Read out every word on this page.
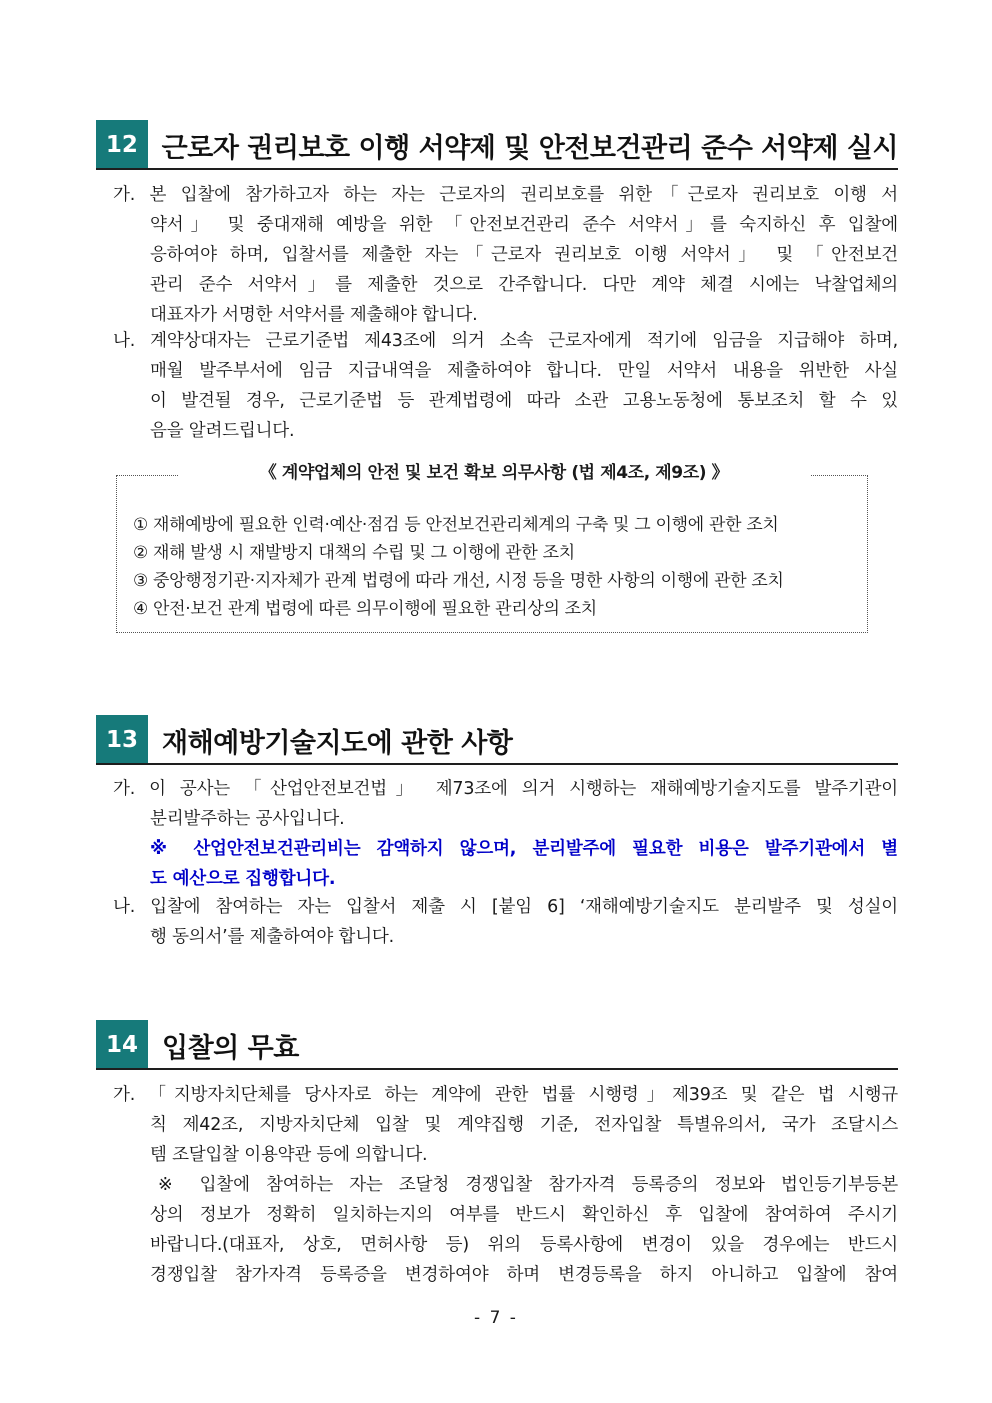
12 근로자 권리보호 이행 서약제 및 안전보건관리 준수 서약제 실시
가. 본 입찰에 참가하고자 하는 자는 근로자의 권리보호를 위한「근로자 권리보호 이행 서
약서」 및 중대재해 예방을 위한 「안전보건관리 준수 서약서」를 숙지하신 후 입찰에
응하여야 하며, 입찰서를 제출한 자는「근로자 권리보호 이행 서약서」 및 「안전보건
관리 준수 서약서」를 제출한 것으로 간주합니다. 다만 계약 체결 시에는 낙찰업체의
대표자가 서명한 서약서를 제출해야 합니다.
나. 계약상대자는 근로기준법 제43조에 의거 소속 근로자에게 적기에 임금을 지급해야 하며,
매월 발주부서에 임금 지급내역을 제출하여야 합니다. 만일 서약서 내용을 위반한 사실
이 발견될 경우, 근로기준법 등 관계법령에 따라 소관 고용노동청에 통보조치 할 수 있
음을 알려드립니다.
《 계약업체의 안전 및 보건 확보 의무사항 (법 제4조, 제9조) 》
① 재해예방에 필요한 인력·예산·점검 등 안전보건관리체계의 구축 및 그 이행에 관한 조치
② 재해 발생 시 재발방지 대책의 수립 및 그 이행에 관한 조치
③ 중앙행정기관·지자체가 관계 법령에 따라 개선, 시정 등을 명한 사항의 이행에 관한 조치
④ 안전·보건 관계 법령에 따른 의무이행에 필요한 관리상의 조치
13 재해예방기술지도에 관한 사항
가. 이 공사는 「산업안전보건법」 제73조에 의거 시행하는 재해예방기술지도를 발주기관이
분리발주하는 공사입니다.
※ 산업안전보건관리비는 감액하지 않으며, 분리발주에 필요한 비용은 발주기관에서 별
도 예산으로 집행합니다.
나. 입찰에 참여하는 자는 입찰서 제출 시 [붙임 6] ‘재해예방기술지도 분리발주 및 성실이
행 동의서’를 제출하여야 합니다.
14 입찰의 무효
가. 「지방자치단체를 당사자로 하는 계약에 관한 법률 시행령」제39조 및 같은 법 시행규
칙 제42조, 지방자치단체 입찰 및 계약집행 기준, 전자입찰 특별유의서, 국가 조달시스
템 조달입찰 이용약관 등에 의합니다.
※ 입찰에 참여하는 자는 조달청 경쟁입찰 참가자격 등록증의 정보와 법인등기부등본
상의 정보가 정확히 일치하는지의 여부를 반드시 확인하신 후 입찰에 참여하여 주시기
바랍니다.(대표자, 상호, 면허사항 등) 위의 등록사항에 변경이 있을 경우에는 반드시
경쟁입찰 참가자격 등록증을 변경하여야 하며 변경등록을 하지 아니하고 입찰에 참여
- 7 -
